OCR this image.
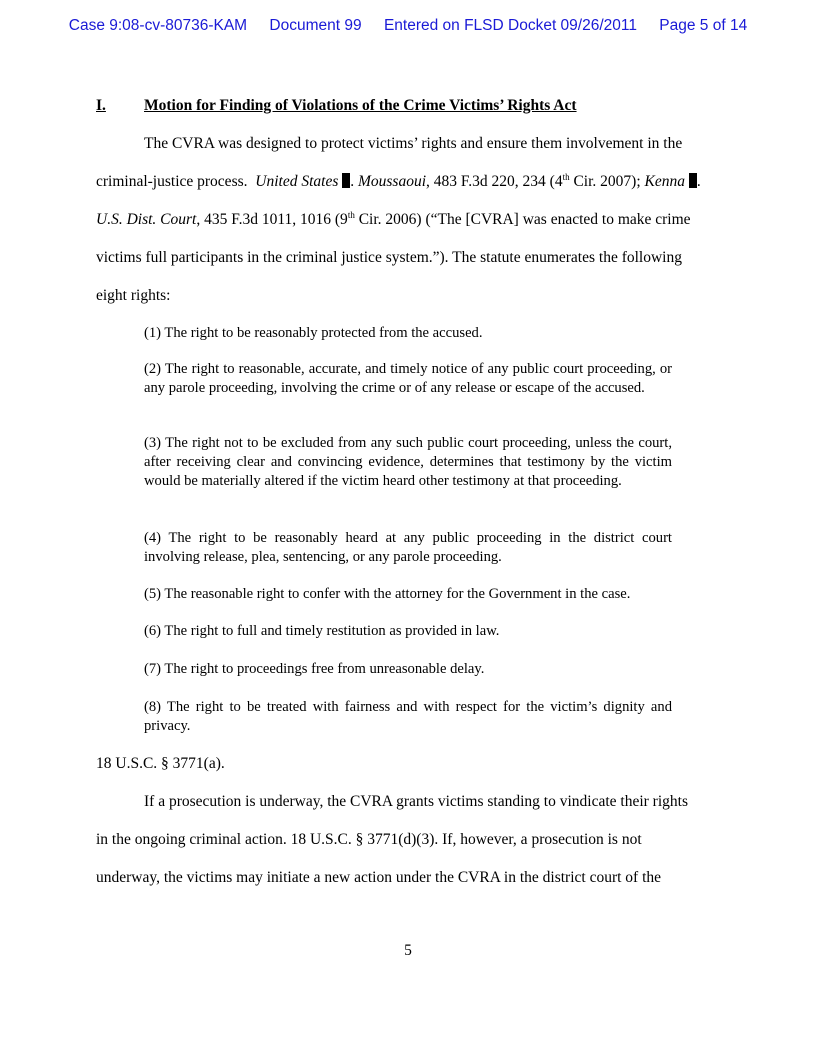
Case 9:08-cv-80736-KAM Document 99 Entered on FLSD Docket 09/26/2011 Page 5 of 14
I. Motion for Finding of Violations of the Crime Victims’ Rights Act
The CVRA was designed to protect victims’ rights and ensure them involvement in the
criminal-justice process.  United States . Moussaoui, 483 F.3d 220, 234 (4th Cir. 2007); Kenna .
U.S. Dist. Court, 435 F.3d 1011, 1016 (9th Cir. 2006) (“The [CVRA] was enacted to make crime
victims full participants in the criminal justice system.”). The statute enumerates the following
eight rights:
(1) The right to be reasonably protected from the accused.
(2) The right to reasonable, accurate, and timely notice of any public court proceeding, or any parole proceeding, involving the crime or of any release or escape of the accused.
(3) The right not to be excluded from any such public court proceeding, unless the court, after receiving clear and convincing evidence, determines that testimony by the victim would be materially altered if the victim heard other testimony at that proceeding.
(4) The right to be reasonably heard at any public proceeding in the district court involving release, plea, sentencing, or any parole proceeding.
(5) The reasonable right to confer with the attorney for the Government in the case.
(6) The right to full and timely restitution as provided in law.
(7) The right to proceedings free from unreasonable delay.
(8) The right to be treated with fairness and with respect for the victim’s dignity and privacy.
18 U.S.C. § 3771(a).
If a prosecution is underway, the CVRA grants victims standing to vindicate their rights
in the ongoing criminal action. 18 U.S.C. § 3771(d)(3). If, however, a prosecution is not
underway, the victims may initiate a new action under the CVRA in the district court of the
5
